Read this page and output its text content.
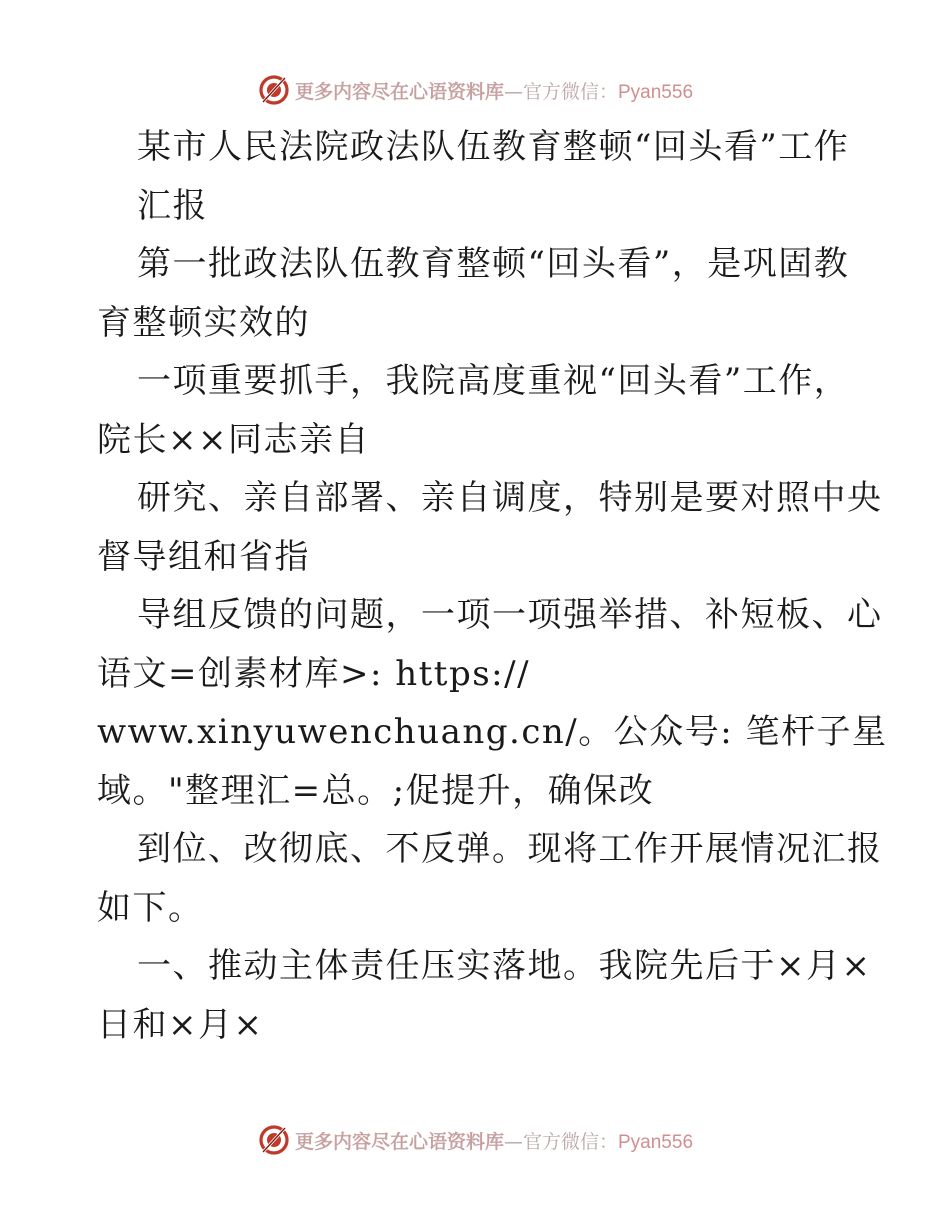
更多内容尽在心语资料库—官方微信：Pyan556
某市人民法院政法队伍教育整顿“回头看”工作
汇报
第一批政法队伍教育整顿“回头看”，是巩固教
育整顿实效的
一项重要抓手，我院高度重视“回头看”工作，
院长××同志亲自
研究、亲自部署、亲自调度，特别是要对照中央
督导组和省指
导组反馈的问题，一项一项强举措、补短板、心
语文=创素材库>: https://
www.xinyuwenchuang.cn/。公众号: 笔杆子星
域。"整理汇=总。;促提升，确保改
到位、改彻底、不反弹。现将工作开展情况汇报
如下。
一、推动主体责任压实落地。我院先后于×月×
日和×月×
更多内容尽在心语资料库—官方微信：Pyan556
